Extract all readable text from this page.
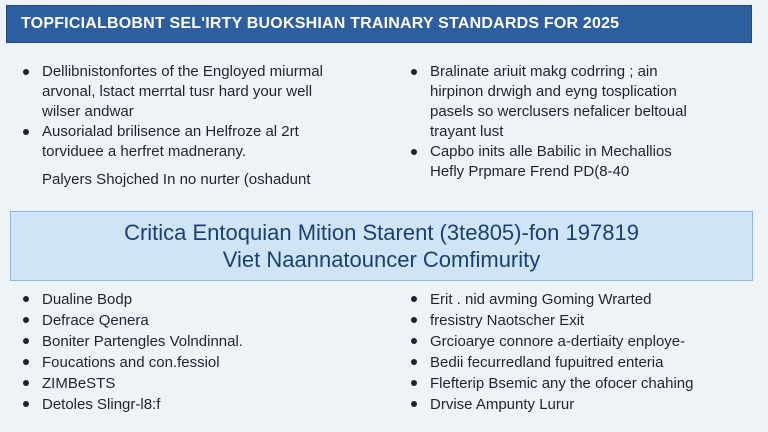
TOPFICIALBOBNT SEL'IRTY BUOKSHIAN TRAINARY STANDARDS FOR 2025
Dellibnistonfortes of the Engloyed miurmal
arvonal, lstact merrtal tusr hard your well
wilser andwar
Ausorialad brilisence an Helfroze al 2rt
torviduee a herfret madnerany.
Palyers Shojched In no nurter (oshadunt
Bralinate ariuit makg codrring ; ain
hirpinon drwigh and eyng tosplication
pasels so werclusers nefalicer beltoual
trayant lust
Capbo inits alle Babilic in Mechallios
Hefly Prpmare Frend PD(8-40
Critica Entoquian Mition Starent (3te805)-fon 197819
Viet Naannatouncer Comfimurity
Dualine Bodp
Defrace Qenera
Boniter Partengles Volndinnal.
Foucations and con.fessiol
ZIMBeSTS
Detoles Slingr-l8:f
Erit . nid avming Goming Wrarted
fresistry Naotscher Exit
Grcioarye connore a-dertiaity enploye-
Bedii fecurredland fupuitred enteria
Flefterip Bsemic any the ofocer chahing
Drvise Ampunty Lurur
